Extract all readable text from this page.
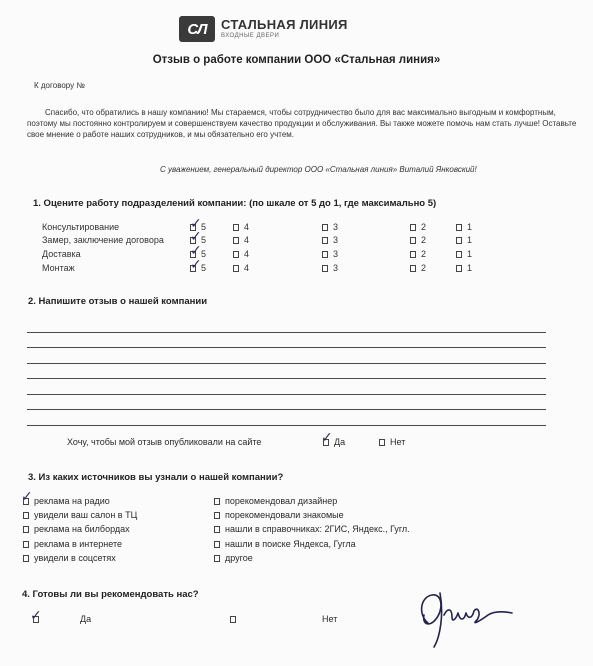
СЛ	СТАЛЬНАЯ ЛИНИЯ
ВХОДНЫЕ ДВЕРИ
Отзыв о работе компании ООО «Стальная линия»
К договору №
Спасибо, что обратились в нашу компанию! Мы стараемся, чтобы сотрудничество было для вас максимально выгодным и комфортным, поэтому мы постоянно контролируем и совершенствуем качество продукции и обслуживания. Вы также можете помочь нам стать лучше! Оставьте свое мнение о работе наших сотрудников, и мы обязательно его учтем.
С уважением, генеральный директор ООО «Стальная линия» Виталий Янковский!
1. Оцените работу подразделений компании: (по шкале от 5 до 1, где максимально 5)
Консультирование	5	4	3	2	1
Замер, заключение договора	5	4	3	2	1
Доставка	5	4	3	2	1
Монтаж	5	4	3	2	1
✓
✓
✓
✓
2. Напишите отзыв о нашей компании
Хочу, чтобы мой отзыв опубликовали на сайте	Да	Нет
✓
3. Из каких источников вы узнали о нашей компании?
реклама на радио
увидели ваш салон в ТЦ
реклама на билбордах
реклама в интернете
увидели в соцсетях
порекомендовал дизайнер
порекомендовали знакомые
нашли в справочниках: 2ГИС, Яндекс., Гугл.
нашли в поиске Яндекса, Гугла
другое
✓
4. Готовы ли вы рекомендовать нас?
Да	Нет
✓
